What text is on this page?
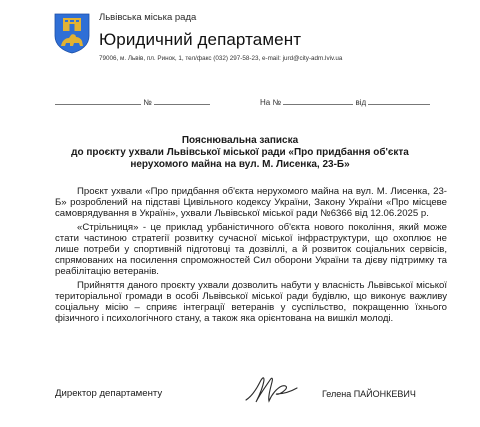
Львівська міська рада
Юридичний департамент
79006, м. Львів, пл. Ринок, 1, тел/факс (032) 297-58-23, e-mail: jurd@city-adm.lviv.ua
№	На №	від
Пояснювальна записка
до проєкту ухвали Львівської міської ради «Про придбання об'єкта
нерухомого майна на вул. М. Лисенка, 23-Б»

Проєкт ухвали «Про придбання об'єкта нерухомого майна на вул. М. Лисенка, 23-Б» розроблений на підставі Цивільного кодексу України, Закону України «Про місцеве самоврядування в Україні», ухвали Львівської міської ради №6366 від 12.06.2025 р.

«Стрільниця» - це приклад урбаністичного об'єкта нового покоління, який може стати частиною стратегії розвитку сучасної міської інфраструктури, що охоплює не лише потреби у спортивній підготовці та дозвіллі, а й розвиток соціальних сервісів, спрямованих на посилення спроможностей Сил оборони України та дієву підтримку та реабілітацію ветеранів.

Прийняття даного проєкту ухвали дозволить набути у власність Львівської міської територіальної громади в особі Львівської міської ради будівлю, що виконує важливу соціальну місію – сприяє інтеграції ветеранів у суспільство, покращенню їхнього фізичного і психологічного стану, а також яка орієнтована на вишкіл молоді.

Директор департаменту	Гелена ПАЙОНКЕВИЧ
